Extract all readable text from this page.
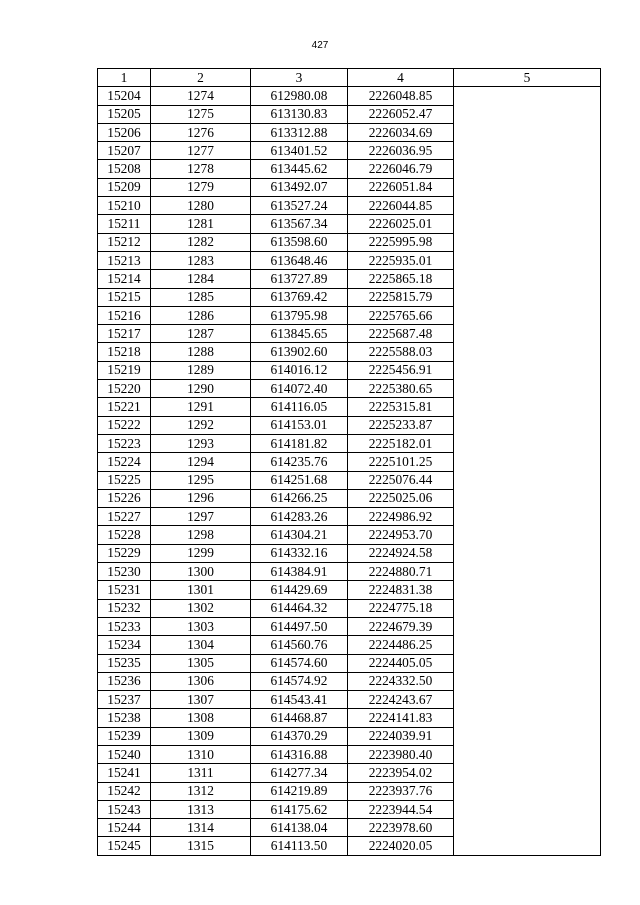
427
1	2	3	4	5
15204	1274	612980.08	2226048.85	
15205	1275	613130.83	2226052.47	
15206	1276	613312.88	2226034.69	
15207	1277	613401.52	2226036.95	
15208	1278	613445.62	2226046.79	
15209	1279	613492.07	2226051.84	
15210	1280	613527.24	2226044.85	
15211	1281	613567.34	2226025.01	
15212	1282	613598.60	2225995.98	
15213	1283	613648.46	2225935.01	
15214	1284	613727.89	2225865.18	
15215	1285	613769.42	2225815.79	
15216	1286	613795.98	2225765.66	
15217	1287	613845.65	2225687.48	
15218	1288	613902.60	2225588.03	
15219	1289	614016.12	2225456.91	
15220	1290	614072.40	2225380.65	
15221	1291	614116.05	2225315.81	
15222	1292	614153.01	2225233.87	
15223	1293	614181.82	2225182.01	
15224	1294	614235.76	2225101.25	
15225	1295	614251.68	2225076.44	
15226	1296	614266.25	2225025.06	
15227	1297	614283.26	2224986.92	
15228	1298	614304.21	2224953.70	
15229	1299	614332.16	2224924.58	
15230	1300	614384.91	2224880.71	
15231	1301	614429.69	2224831.38	
15232	1302	614464.32	2224775.18	
15233	1303	614497.50	2224679.39	
15234	1304	614560.76	2224486.25	
15235	1305	614574.60	2224405.05	
15236	1306	614574.92	2224332.50	
15237	1307	614543.41	2224243.67	
15238	1308	614468.87	2224141.83	
15239	1309	614370.29	2224039.91	
15240	1310	614316.88	2223980.40	
15241	1311	614277.34	2223954.02	
15242	1312	614219.89	2223937.76	
15243	1313	614175.62	2223944.54	
15244	1314	614138.04	2223978.60	
15245	1315	614113.50	2224020.05	
